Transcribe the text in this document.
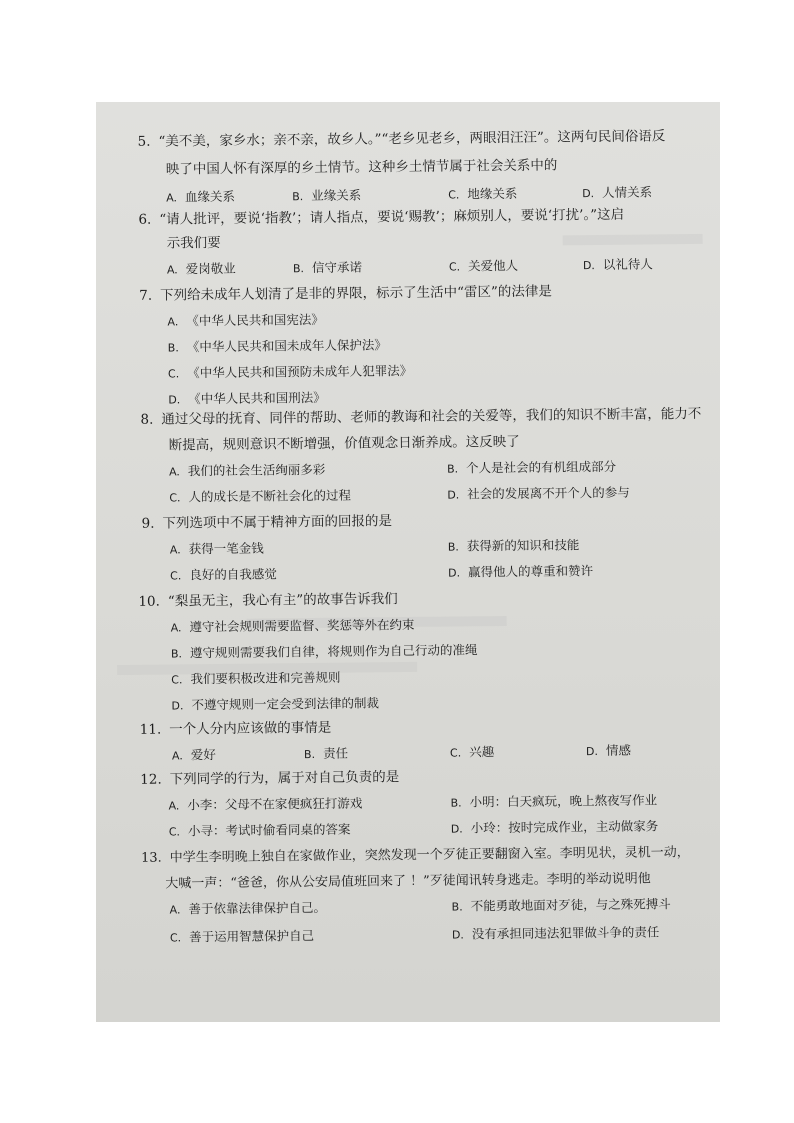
5. “美不美，家乡水；亲不亲，故乡人。”“老乡见老乡，两眼泪汪汪”。这两句民间俗语反
映了中国人怀有深厚的乡土情节。这种乡土情节属于社会关系中的
A. 血缘关系	B. 业缘关系	C. 地缘关系	D. 人情关系
6. “请人批评，要说‘指教’；请人指点，要说‘赐教’；麻烦别人，要说‘打扰’。”这启
示我们要
A. 爱岗敬业	B. 信守承诺	C. 关爱他人	D. 以礼待人
7. 下列给未成年人划清了是非的界限，标示了生活中“雷区”的法律是
A. 《中华人民共和国宪法》
B. 《中华人民共和国未成年人保护法》
C. 《中华人民共和国预防未成年人犯罪法》
D. 《中华人民共和国刑法》
8. 通过父母的抚育、同伴的帮助、老师的教诲和社会的关爱等，我们的知识不断丰富，能力不
断提高，规则意识不断增强，价值观念日渐养成。这反映了
A. 我们的社会生活绚丽多彩	B. 个人是社会的有机组成部分
C. 人的成长是不断社会化的过程	D. 社会的发展离不开个人的参与
9. 下列选项中不属于精神方面的回报的是
A. 获得一笔金钱	B. 获得新的知识和技能
C. 良好的自我感觉	D. 赢得他人的尊重和赞许
10. “梨虽无主，我心有主”的故事告诉我们
A. 遵守社会规则需要监督、奖惩等外在约束
B. 遵守规则需要我们自律，将规则作为自己行动的准绳
C. 我们要积极改进和完善规则
D. 不遵守规则一定会受到法律的制裁
11. 一个人分内应该做的事情是
A. 爱好	B. 责任	C. 兴趣	D. 情感
12. 下列同学的行为，属于对自己负责的是
A. 小李：父母不在家便疯狂打游戏	B. 小明：白天疯玩，晚上熬夜写作业
C. 小寻：考试时偷看同桌的答案	D. 小玲：按时完成作业，主动做家务
13. 中学生李明晚上独自在家做作业，突然发现一个歹徒正要翻窗入室。李明见状，灵机一动，
大喊一声：“爸爸，你从公安局值班回来了 ！”歹徒闻讯转身逃走。李明的举动说明他
A. 善于依靠法律保护自己。	B. 不能勇敢地面对歹徒，与之殊死搏斗
C. 善于运用智慧保护自己	D. 没有承担同违法犯罪做斗争的责任
